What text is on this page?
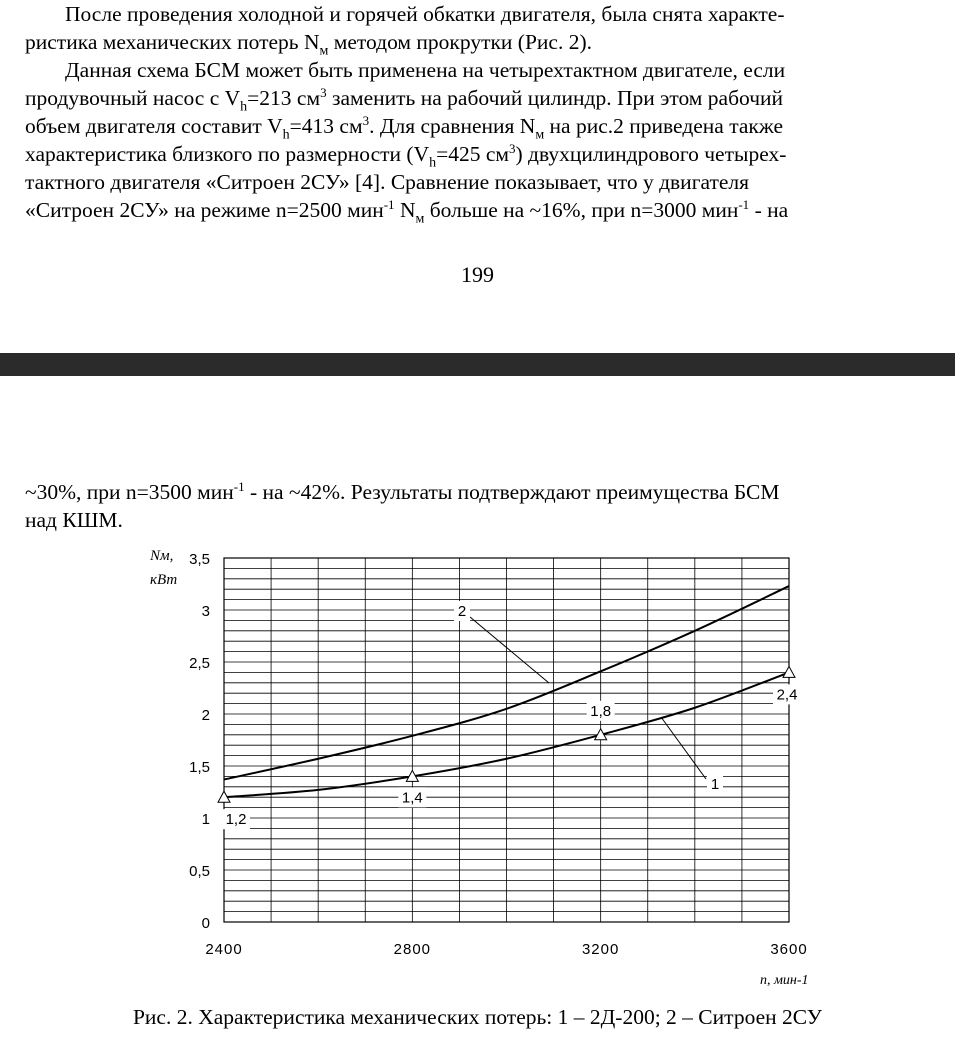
После проведения холодной и горячей обкатки двигателя, была снята характе-
ристика механических потерь $N_м$ методом прокрутки (Рис. 2).

Данная схема БСМ может быть применена на четырехтактном двигателе, если
продувочный насос с $V_h=213$ $см^3$ заменить на рабочий цилиндр. При этом рабочий
объем двигателя составит $V_h=413$ $см^3$. Для сравнения $N_м$ на рис.2 приведена также
характеристика близкого по размерности ($V_h=425$ $см^3$) двухцилиндрового четырех-
тактного двигателя «Ситроен 2СУ» [4]. Сравнение показывает, что у двигателя
«Ситроен 2СУ» на режиме n=2500 мин$^{-1}$ $N_м$ больше на ~16%, при n=3000 мин$^{-1}$ - на

199

~30%, при n=3500 мин$^{-1}$ - на ~42%. Результаты подтверждают преимущества БСМ
над КШМ.

0
0,5
1
1,5
2
2,5
3
3,5
2400	2800	3200	3600
Nм,
кВт
n, мин-1
1,2
1,4
1,8
2,4
2
1
Рис. 2. Характеристика механических потерь: 1 – 2Д-200; 2 – Ситроен 2СУ
